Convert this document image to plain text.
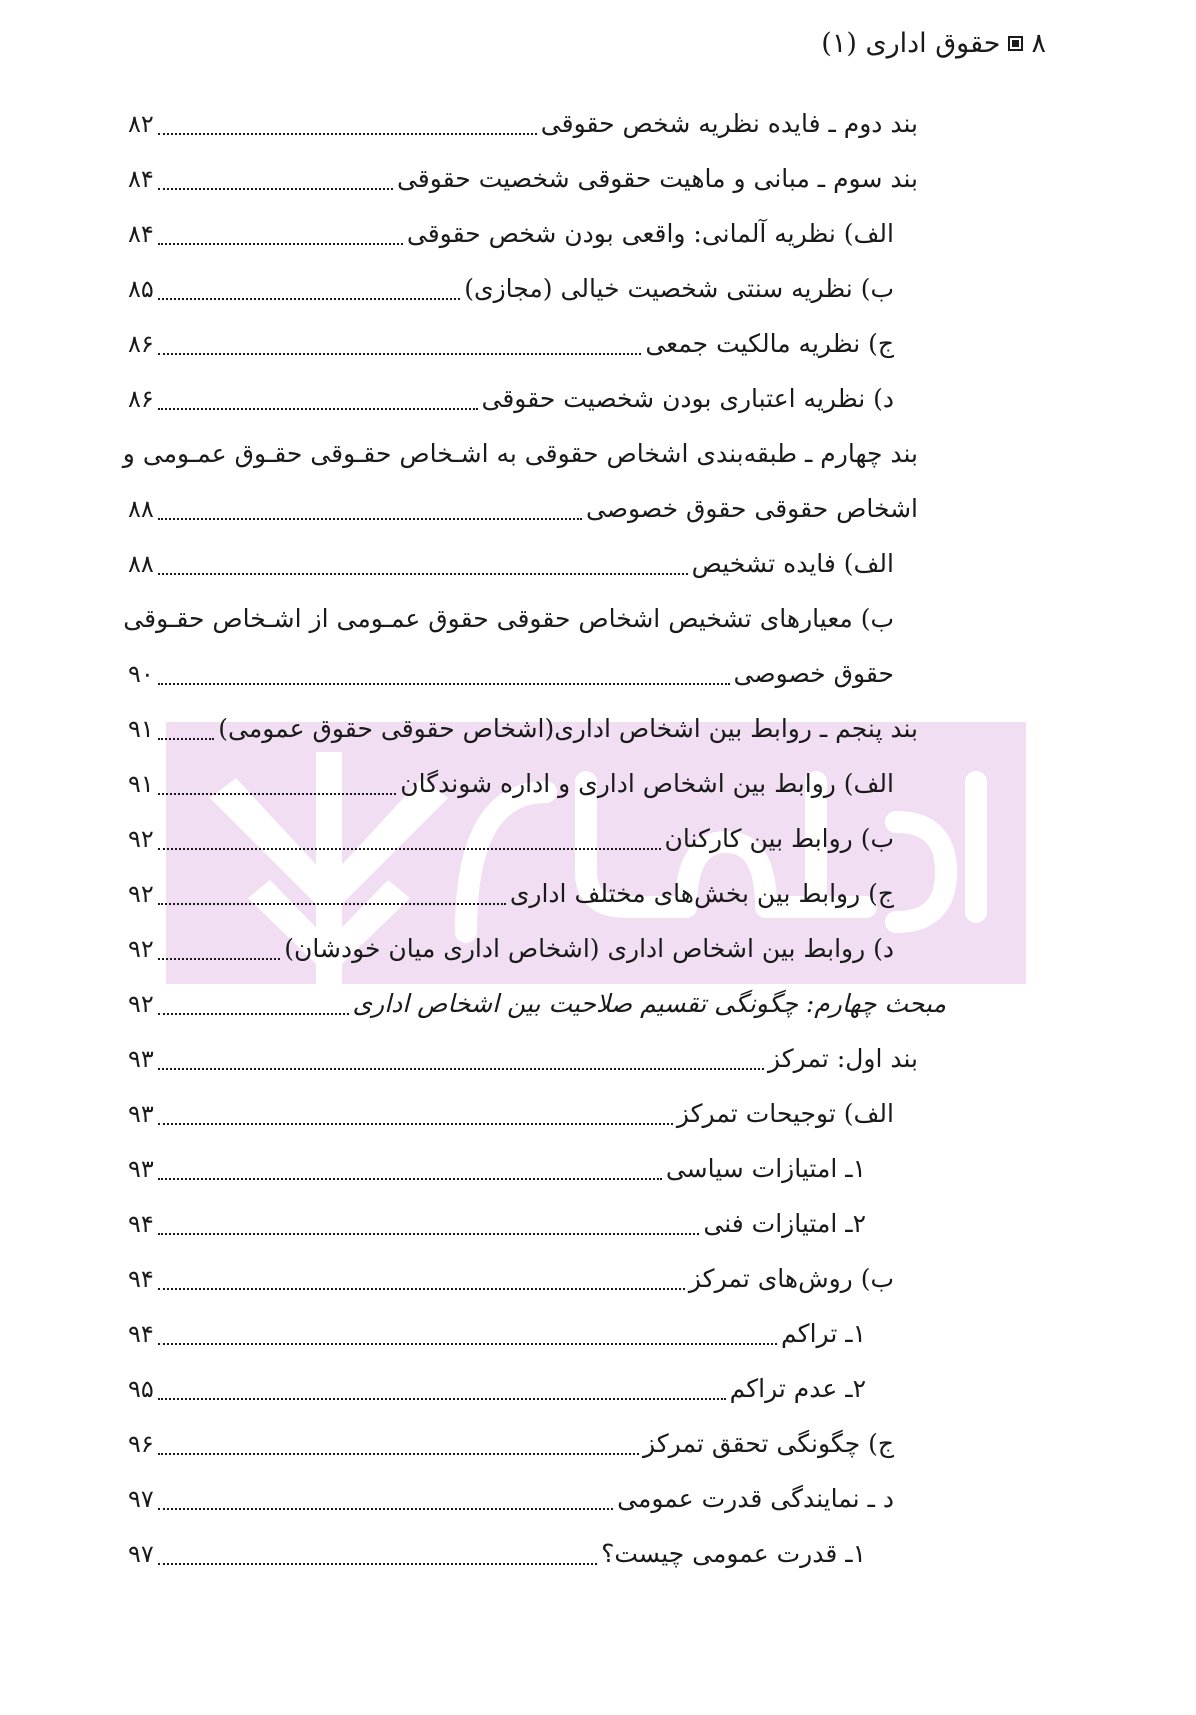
۸
حقوق اداری (۱)
بند دوم ـ فایده نظریه شخص حقوقی
۸۲
بند سوم ـ مبانی و ماهیت حقوقی شخصیت حقوقی
۸۴
الف) نظریه آلمانی: واقعی بودن شخص حقوقی
۸۴
ب) نظریه سنتی شخصیت خیالی (مجازی)
۸۵
ج) نظریه مالکیت جمعی
۸۶
د) نظریه اعتباری بودن شخصیت حقوقی
۸۶
بند چهارم ـ طبقه‌بندی اشخاص حقوقی به اشـخاص حقـوقی حقـوق عمـومی و
اشخاص حقوقی حقوق خصوصی
۸۸
الف) فایده تشخیص
۸۸
ب) معیارهای تشخیص اشخاص حقوقی حقوق عمـومی از اشـخاص حقـوقی
حقوق خصوصی
۹۰
بند پنجم ـ روابط بین اشخاص اداری(اشخاص حقوقی حقوق عمومی)
۹۱
الف) روابط بین اشخاص اداری و اداره شوندگان
۹۱
ب) روابط بین کارکنان
۹۲
ج) روابط بین بخش‌های مختلف اداری
۹۲
د) روابط بین اشخاص اداری (اشخاص اداری میان خودشان)
۹۲
مبحث چهارم: چگونگی تقسیم صلاحیت بین اشخاص اداری
۹۲
بند اول: تمرکز
۹۳
الف) توجیحات تمرکز
۹۳
۱ـ امتیازات سیاسی
۹۳
۲ـ امتیازات فنی
۹۴
ب) روش‌های تمرکز
۹۴
۱ـ تراکم
۹۴
۲ـ عدم تراکم
۹۵
ج) چگونگی تحقق تمرکز
۹۶
د ـ نمایندگی قدرت عمومی
۹۷
۱ـ قدرت عمومی چیست؟
۹۷
